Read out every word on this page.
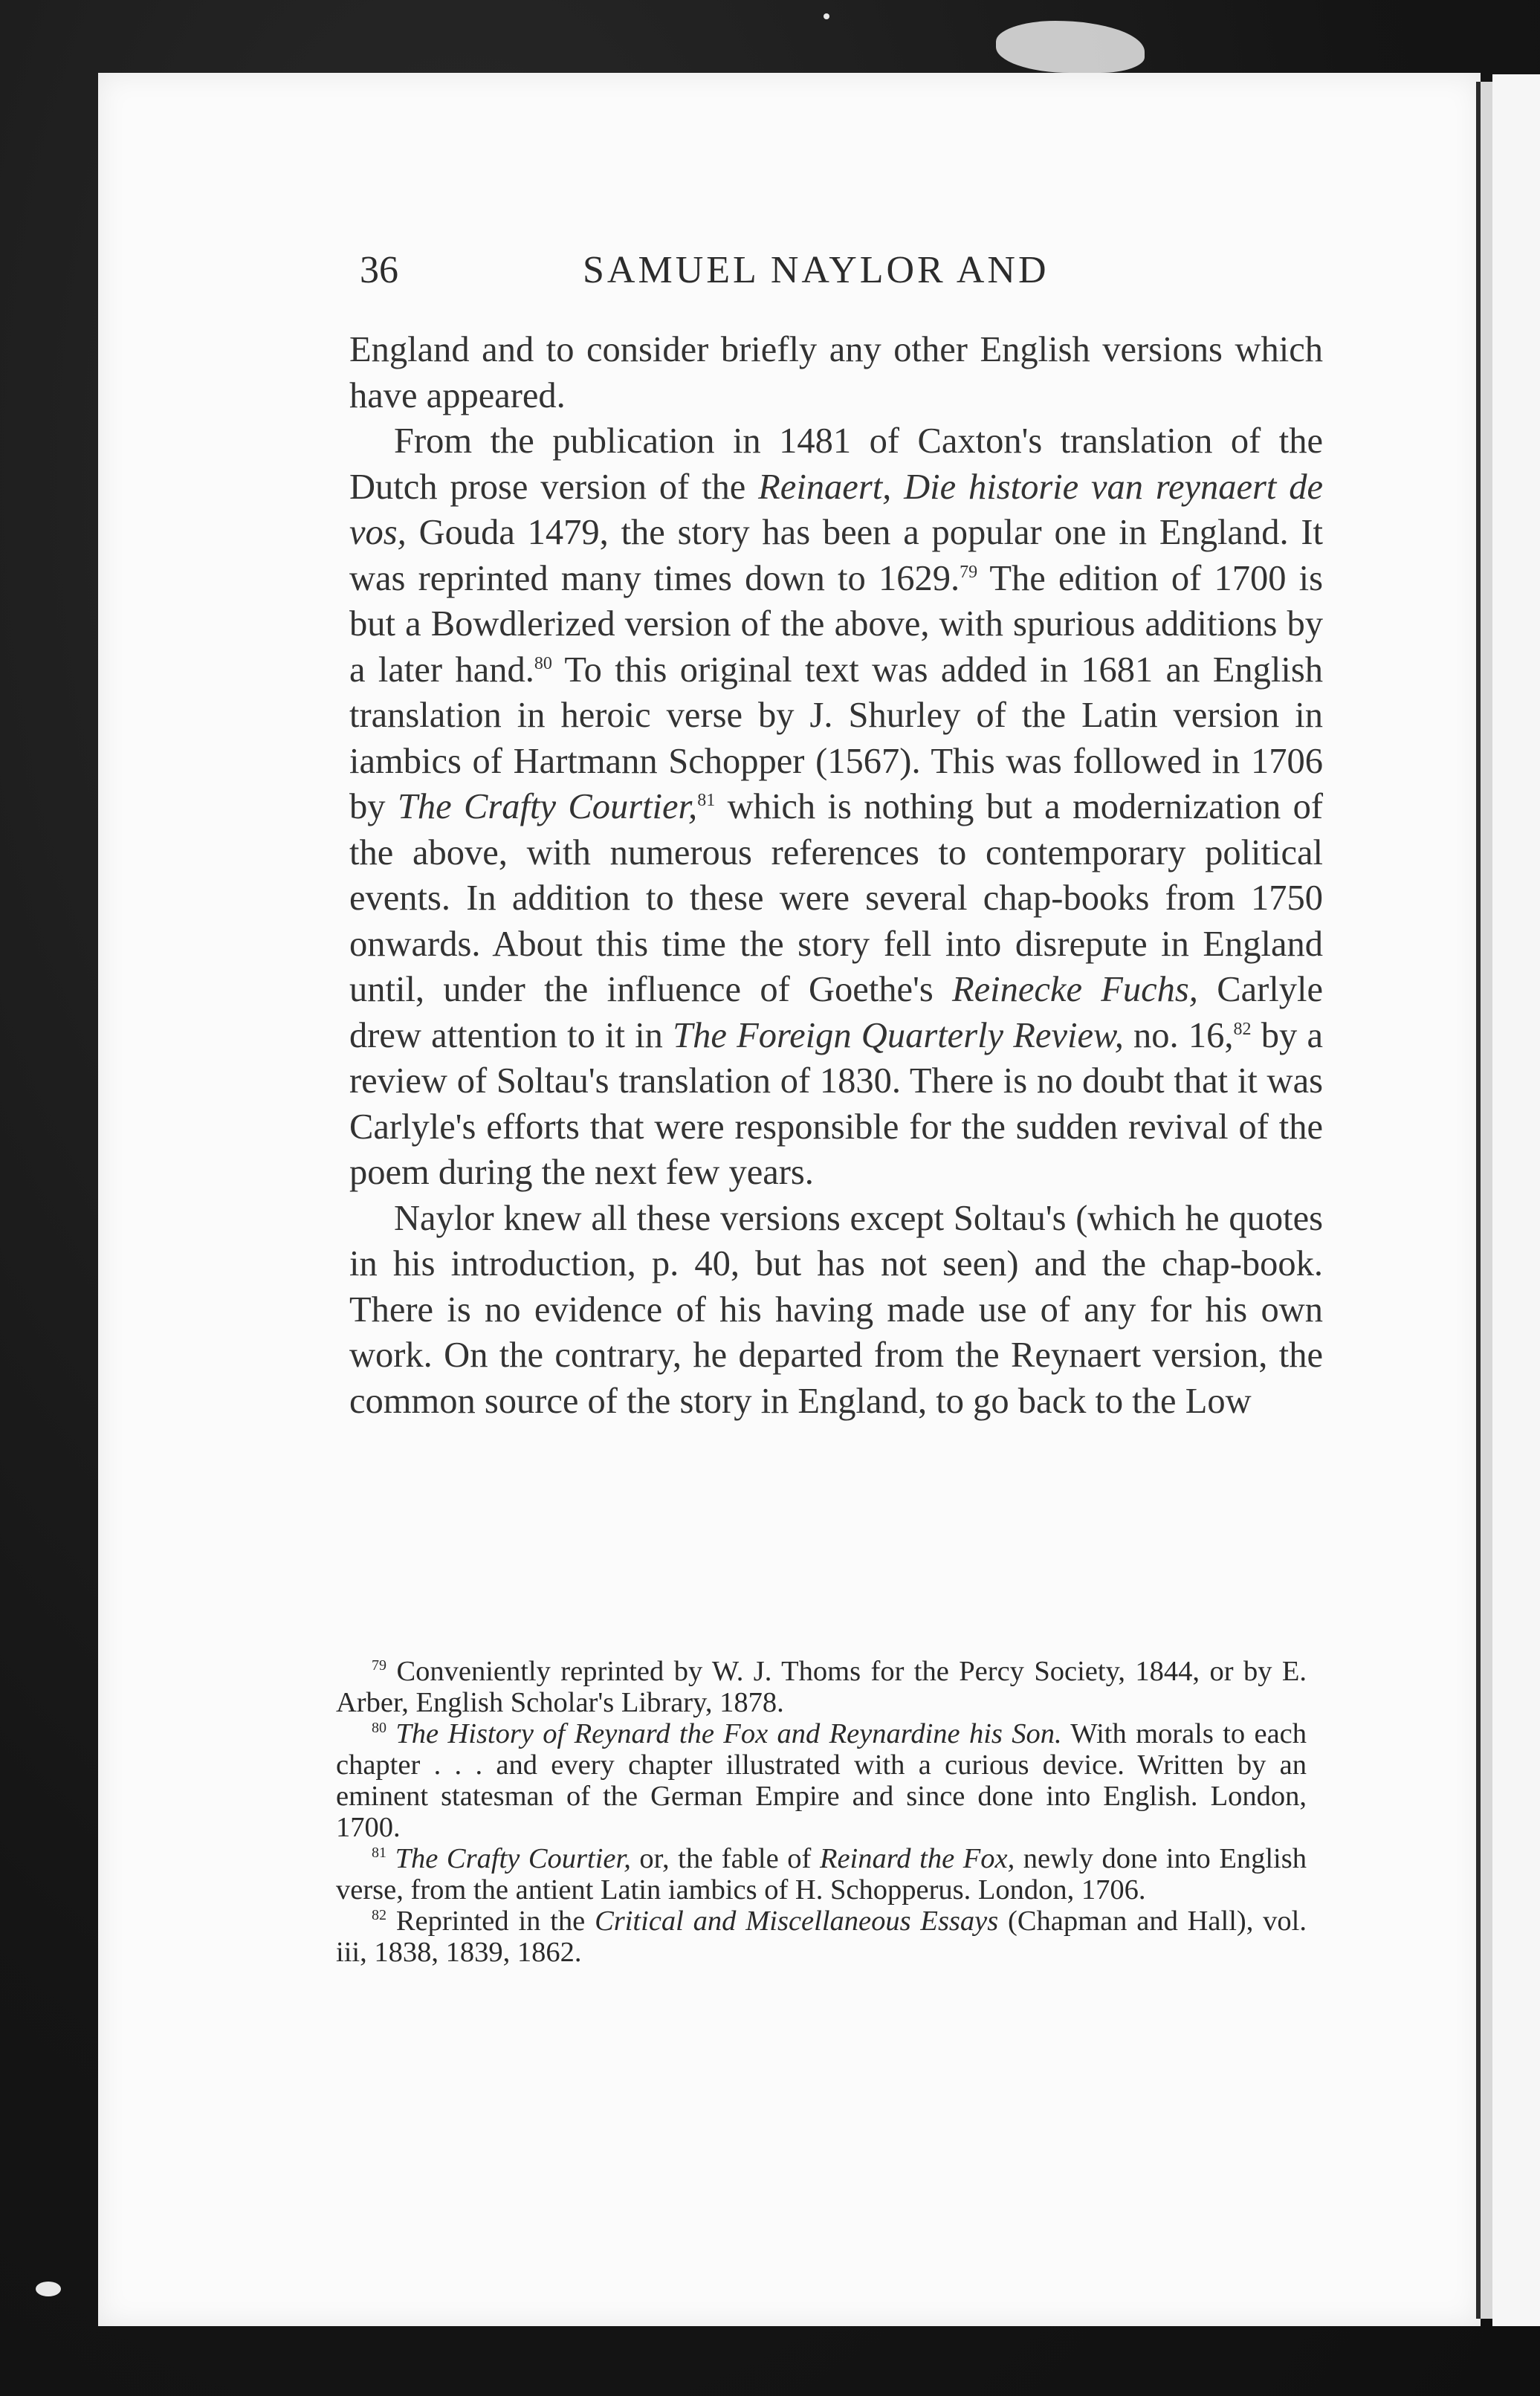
36	SAMUEL NAYLOR AND

England and to consider briefly any other English versions which have appeared.

From the publication in 1481 of Caxton's translation of the Dutch prose version of the Reinaert, Die historie van reynaert de vos, Gouda 1479, the story has been a popular one in England. It was reprinted many times down to 1629.79 The edition of 1700 is but a Bowdlerized version of the above, with spurious additions by a later hand.$^{80}$ To this original text was added in 1681 an English translation in heroic verse by J. Shurley of the Latin version in iambics of Hartmann Schopper (1567). This was followed in 1706 by The Crafty Courtier,$^{81}$ which is nothing but a modernization of the above, with numerous references to contemporary political events. In addition to these were several chap-books from 1750 onwards. About this time the story fell into disrepute in England until, under the influence of Goethe's Reinecke Fuchs, Carlyle drew attention to it in The Foreign Quarterly Review, no. 16,82 by a review of Soltau's translation of 1830. There is no doubt that it was Carlyle's efforts that were responsible for the sudden revival of the poem during the next few years.

Naylor knew all these versions except Soltau's (which he quotes in his introduction, p. 40, but has not seen) and the chap-book. There is no evidence of his having made use of any for his own work. On the contrary, he departed from the Reynaert version, the common source of the story in England, to go back to the Low

$^{79}$ Conveniently reprinted by W. J. Thoms for the Percy Society, 1844, or by E. Arber, English Scholar's Library, 1878.

$^{80}$ The History of Reynard the Fox and Reynardine his Son. With morals to each chapter . . . and every chapter illustrated with a curious device. Written by an eminent statesman of the German Empire and since done into English. London, 1700.

$^{81}$ The Crafty Courtier, or, the fable of Reinard the Fox, newly done into English verse, from the antient Latin iambics of H. Schopperus. London, 1706.

$^{82}$ Reprinted in the Critical and Miscellaneous Essays (Chapman and Hall), vol. iii, 1838, 1839, 1862.
